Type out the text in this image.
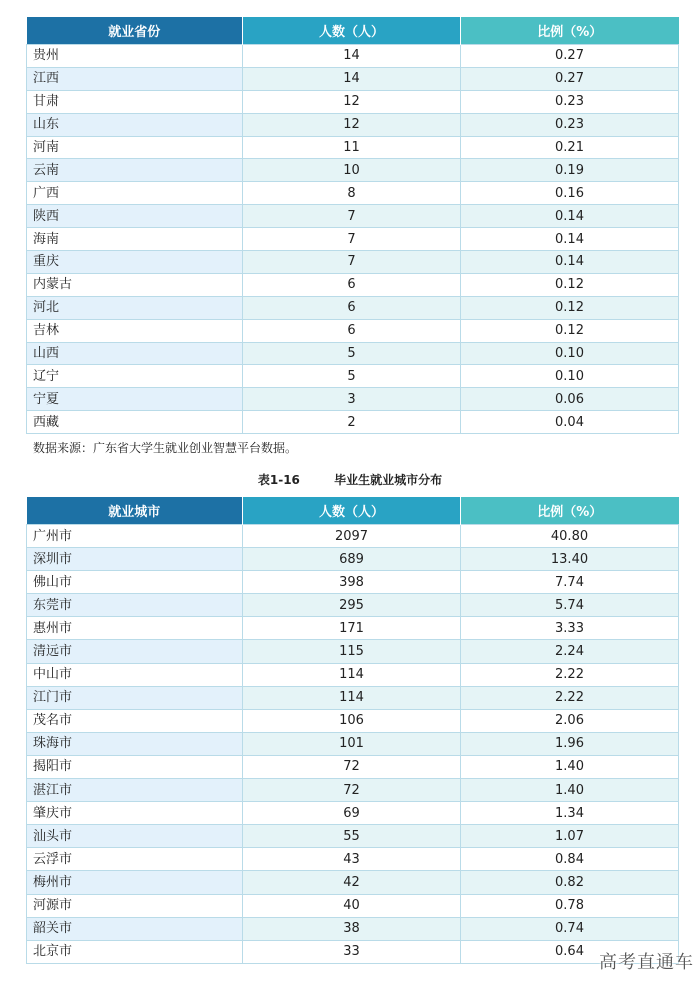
就业省份	人数（人）	比例（%）
贵州	14	0.27
江西	14	0.27
甘肃	12	0.23
山东	12	0.23
河南	11	0.21
云南	10	0.19
广西	8	0.16
陕西	7	0.14
海南	7	0.14
重庆	7	0.14
内蒙古	6	0.12
河北	6	0.12
吉林	6	0.12
山西	5	0.10
辽宁	5	0.10
宁夏	3	0.06
西藏	2	0.04
数据来源：广东省大学生就业创业智慧平台数据。
表1-16	毕业生就业城市分布
就业城市	人数（人）	比例（%）
广州市	2097	40.80
深圳市	689	13.40
佛山市	398	7.74
东莞市	295	5.74
惠州市	171	3.33
清远市	115	2.24
中山市	114	2.22
江门市	114	2.22
茂名市	106	2.06
珠海市	101	1.96
揭阳市	72	1.40
湛江市	72	1.40
肇庆市	69	1.34
汕头市	55	1.07
云浮市	43	0.84
梅州市	42	0.82
河源市	40	0.78
韶关市	38	0.74
北京市	33	0.64
高考直通车
